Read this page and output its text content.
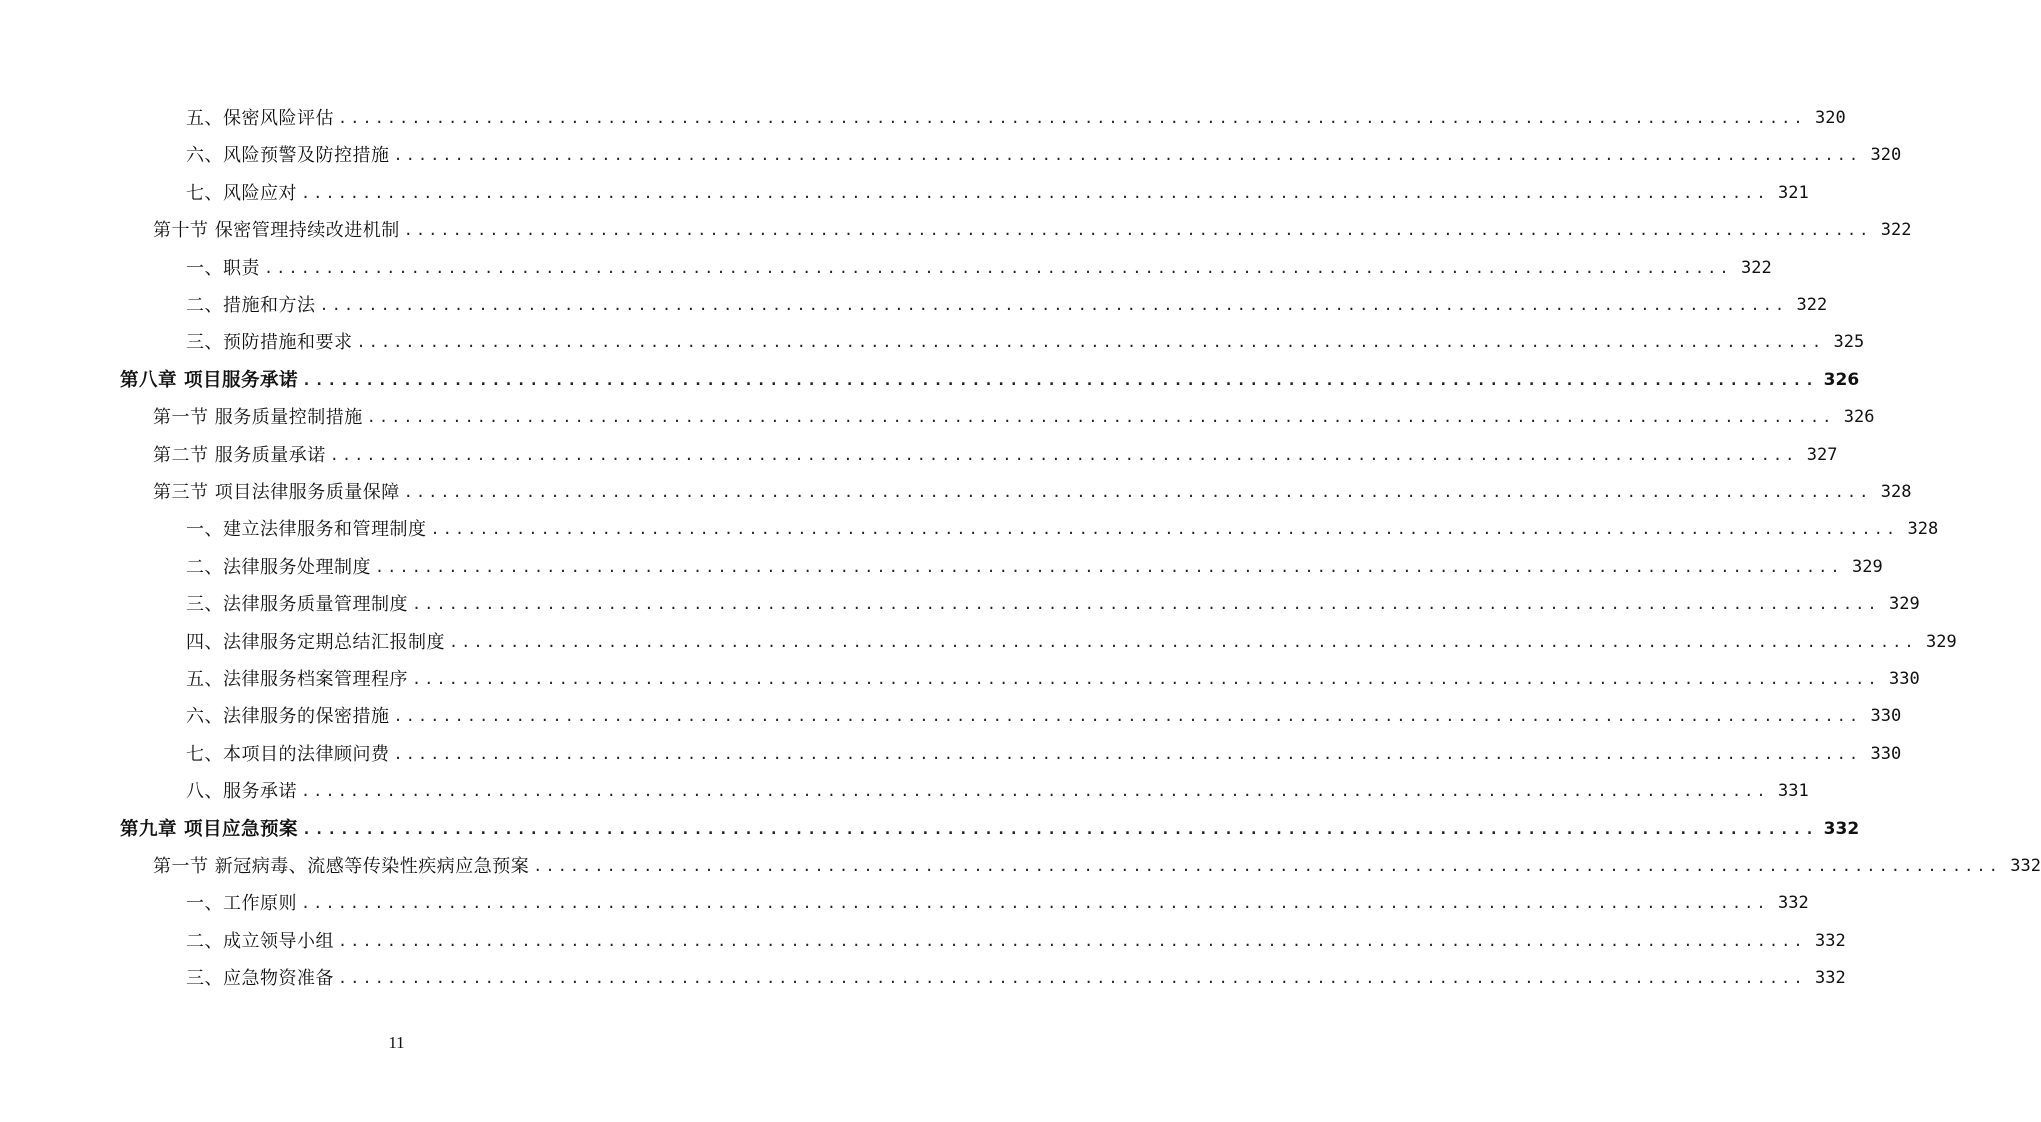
五、保密风险评估 ........................................................................................................................ 320
六、风险预警及防控措施 ........................................................................................................................ 320
七、风险应对 ........................................................................................................................ 321
第十节 保密管理持续改进机制 ........................................................................................................................ 322
一、职责 ........................................................................................................................ 322
二、措施和方法 ........................................................................................................................ 322
三、预防措施和要求 ........................................................................................................................ 325
第八章 项目服务承诺 ........................................................................................................................ 326
第一节 服务质量控制措施 ........................................................................................................................ 326
第二节 服务质量承诺 ........................................................................................................................ 327
第三节 项目法律服务质量保障 ........................................................................................................................ 328
一、建立法律服务和管理制度 ........................................................................................................................ 328
二、法律服务处理制度 ........................................................................................................................ 329
三、法律服务质量管理制度 ........................................................................................................................ 329
四、法律服务定期总结汇报制度 ........................................................................................................................ 329
五、法律服务档案管理程序 ........................................................................................................................ 330
六、法律服务的保密措施 ........................................................................................................................ 330
七、本项目的法律顾问费 ........................................................................................................................ 330
八、服务承诺 ........................................................................................................................ 331
第九章 项目应急预案 ........................................................................................................................ 332
第一节 新冠病毒、流感等传染性疾病应急预案 ........................................................................................................................ 332
一、工作原则 ........................................................................................................................ 332
二、成立领导小组 ........................................................................................................................ 332
三、应急物资准备 ........................................................................................................................ 332
11
